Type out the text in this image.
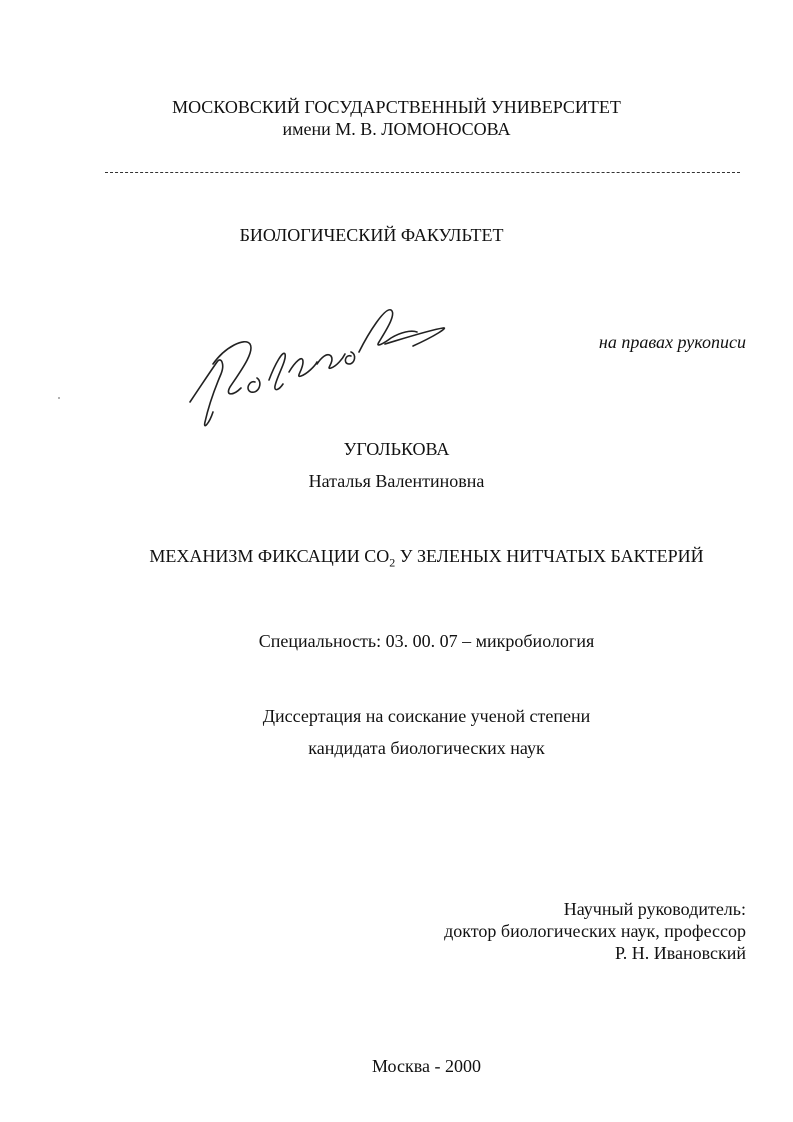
МОСКОВСКИЙ ГОСУДАРСТВЕННЫЙ УНИВЕРСИТЕТ
имени М. В. ЛОМОНОСОВА
БИОЛОГИЧЕСКИЙ ФАКУЛЬТЕТ
Угольков
на правах рукописи
УГОЛЬКОВА
Наталья Валентиновна
МЕХАНИЗМ ФИКСАЦИИ $CO_2$ У ЗЕЛЕНЫХ НИТЧАТЫХ БАКТЕРИЙ
Специальность: 03. 00. 07 – микробиология
Диссертация на соискание ученой степени
кандидата биологических наук
Научный руководитель:
доктор биологических наук, профессор
Р. Н. Ивановский
Москва - 2000
